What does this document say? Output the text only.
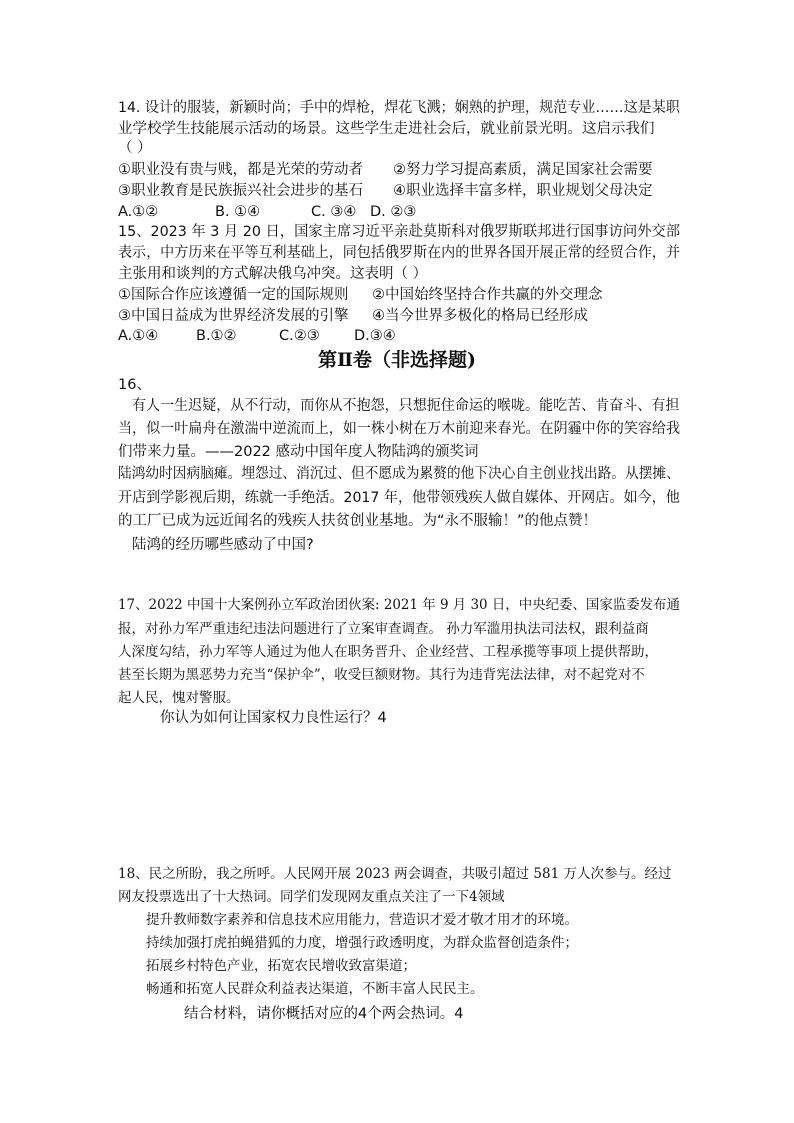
14. 设计的服装，新颖时尚；手中的焊枪，焊花飞溅；娴熟的护理，规范专业……这是某职
业学校学生技能展示活动的场景。这些学生走进社会后，就业前景光明。这启示我们
（ ）
①职业没有贵与贱，都是光荣的劳动者 ②努力学习提高素质，满足国家社会需要
③职业教育是民族振兴社会进步的基石 ④职业选择丰富多样，职业规划父母决定
A.①②	B. ①④	C. ③④ D. ②③
15、2023 年 3 月 20 日，国家主席习近平亲赴莫斯科对俄罗斯联邦进行国事访问外交部
表示，中方历来在平等互利基础上，同包括俄罗斯在内的世界各国开展正常的经贸合作，并
主张用和谈判的方式解决俄乌冲突。这表明（ ）
①国际合作应该遵循一定的国际规则 ②中国始终坚持合作共赢的外交理念
③中国日益成为世界经济发展的引擎 ④当今世界多极化的格局已经形成
A.①④	B.①②	C.②③ D.③④
第Ⅱ卷（非选择题)
16、
有人一生迟疑，从不行动，而你从不抱怨，只想扼住命运的喉咙。能吃苦、肯奋斗、有担
当，似一叶扁舟在激湍中逆流而上，如一株小树在万木前迎来春光。在阴霾中你的笑容给我
们带来力量。——2022 感动中国年度人物陆鸿的颁奖词
陆鸿幼时因病脑瘫。埋怨过、消沉过、但不愿成为累赘的他下决心自主创业找出路。从摆摊、
开店到学影视后期，练就一手绝活。2017 年，他带领残疾人做自媒体、开网店。如今，他
的工厂已成为远近闻名的残疾人扶贫创业基地。为“永不服输！”的他点赞！
陆鸿的经历哪些感动了中国?
17、2022 中国十大案例孙立军政治团伙案: 2021 年 9 月 30 日，中央纪委、国家监委发布通
报，对孙力军严重违纪违法问题进行了立案审查调查。 孙力军滥用执法司法权，跟利益商
人深度勾结，孙力军等人通过为他人在职务晋升、企业经营、工程承揽等事项上提供帮助，
甚至长期为黑恶势力充当“保护伞”，收受巨额财物。其行为违背宪法法律，对不起党对不
起人民，愧对警服。
你认为如何让国家权力良性运行？4
18、民之所盼，我之所呼。人民网开展 2023 两会调查，共吸引超过 581 万人次参与。经过
网友投票选出了十大热词。同学们发现网友重点关注了一下4领域
提升教师数字素养和信息技术应用能力，营造识才爱才敬才用才的环境。
持续加强打虎拍蝇猎狐的力度，增强行政透明度，为群众监督创造条件；
拓展乡村特色产业，拓宽农民增收致富渠道；
畅通和拓宽人民群众利益表达渠道，不断丰富人民民主。
结合材料，请你概括对应的4个两会热词。4
